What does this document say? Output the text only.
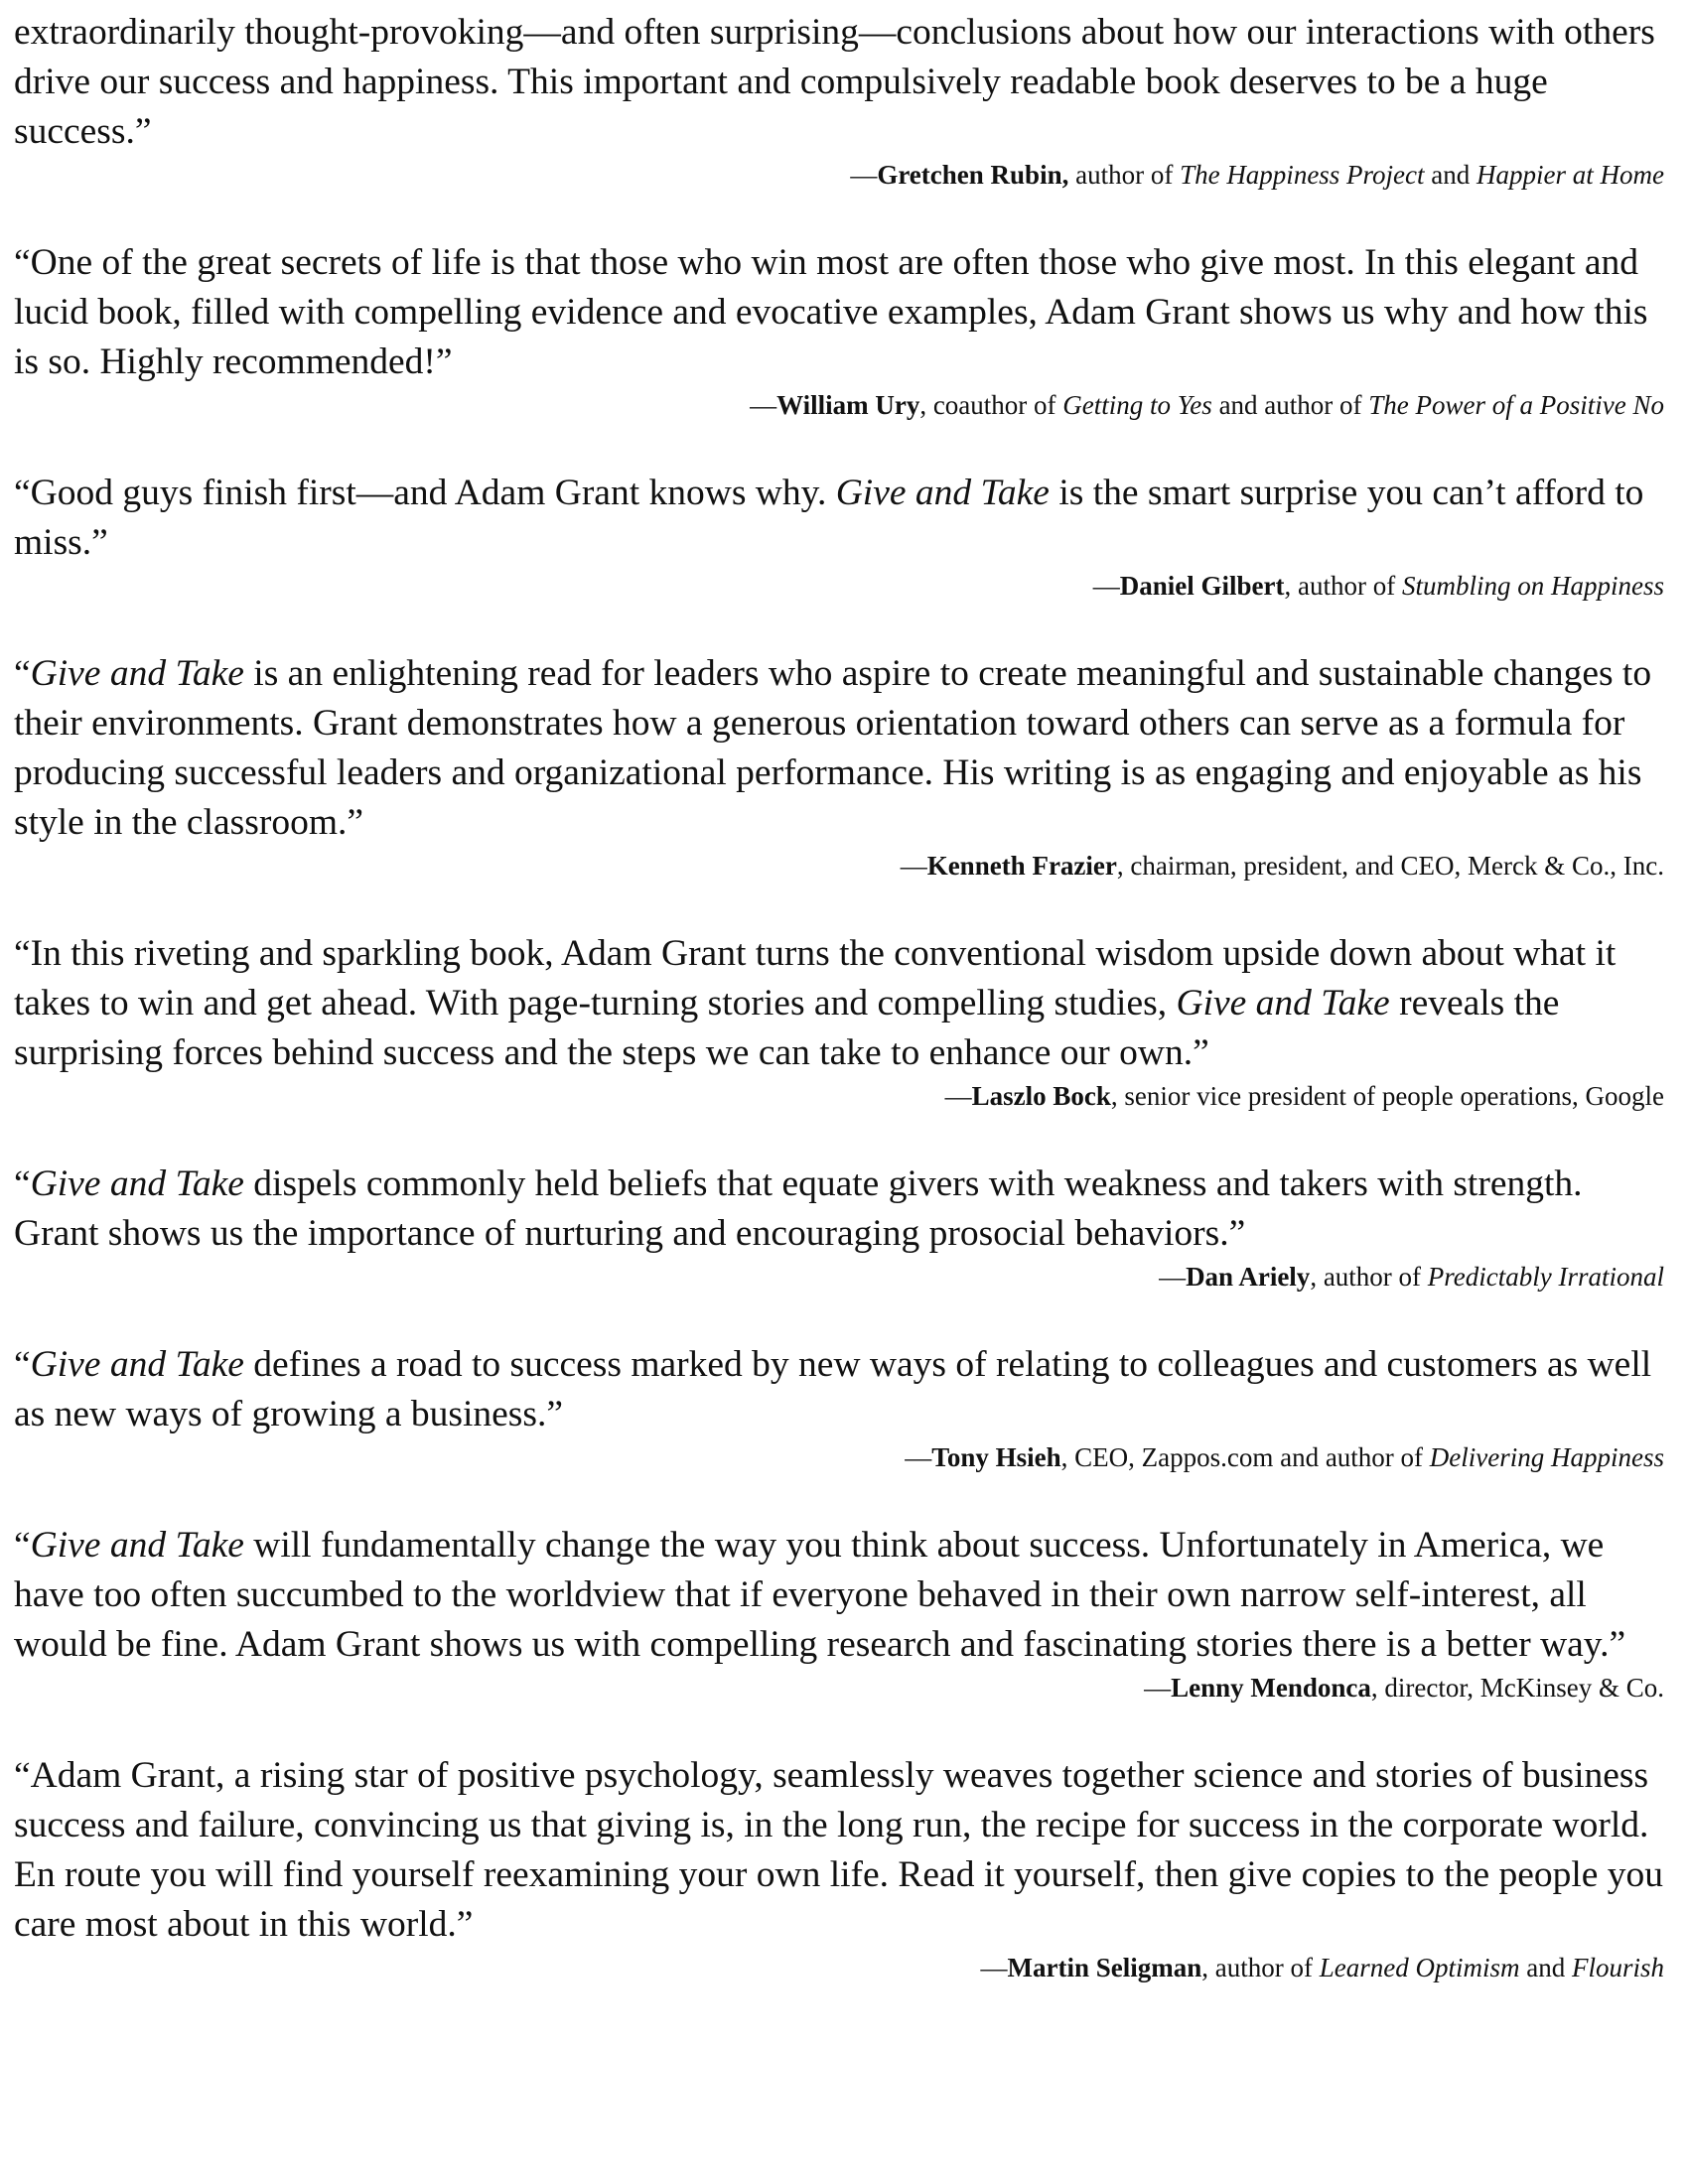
extraordinarily thought-provoking—and often surprising—conclusions about how our interactions with others drive our success and happiness. This important and compulsively readable book deserves to be a huge success.”

—Gretchen Rubin, author of The Happiness Project and Happier at Home

“One of the great secrets of life is that those who win most are often those who give most. In this elegant and lucid book, filled with compelling evidence and evocative examples, Adam Grant shows us why and how this is so. Highly recommended!”

—William Ury, coauthor of Getting to Yes and author of The Power of a Positive No

“Good guys finish first—and Adam Grant knows why. Give and Take is the smart surprise you can’t afford to miss.”

—Daniel Gilbert, author of Stumbling on Happiness

“Give and Take is an enlightening read for leaders who aspire to create meaningful and sustainable changes to their environments. Grant demonstrates how a generous orientation toward others can serve as a formula for producing successful leaders and organizational performance. His writing is as engaging and enjoyable as his style in the classroom.”

—Kenneth Frazier, chairman, president, and CEO, Merck & Co., Inc.

“In this riveting and sparkling book, Adam Grant turns the conventional wisdom upside down about what it takes to win and get ahead. With page-turning stories and compelling studies, Give and Take reveals the surprising forces behind success and the steps we can take to enhance our own.”

—Laszlo Bock, senior vice president of people operations, Google

“Give and Take dispels commonly held beliefs that equate givers with weakness and takers with strength. Grant shows us the importance of nurturing and encouraging prosocial behaviors.”

—Dan Ariely, author of Predictably Irrational

“Give and Take defines a road to success marked by new ways of relating to colleagues and customers as well as new ways of growing a business.”

—Tony Hsieh, CEO, Zappos.com and author of Delivering Happiness

“Give and Take will fundamentally change the way you think about success. Unfortunately in America, we have too often succumbed to the worldview that if everyone behaved in their own narrow self-interest, all would be fine. Adam Grant shows us with compelling research and fascinating stories there is a better way.”

—Lenny Mendonca, director, McKinsey & Co.

“Adam Grant, a rising star of positive psychology, seamlessly weaves together science and stories of business success and failure, convincing us that giving is, in the long run, the recipe for success in the corporate world. En route you will find yourself reexamining your own life. Read it yourself, then give copies to the people you care most about in this world.”

—Martin Seligman, author of Learned Optimism and Flourish
